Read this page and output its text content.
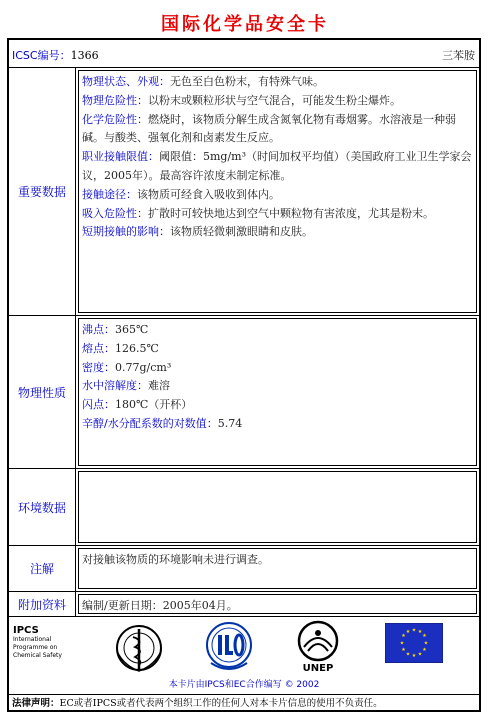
国际化学品安全卡
ICSC编号：1366	三苯胺
重要数据

物理状态、外观：无色至白色粉末，有特殊气味。

物理危险性：以粉末或颗粒形状与空气混合，可能发生粉尘爆炸。

化学危险性：燃烧时，该物质分解生成含氮氧化物有毒烟雾。水溶液是一种弱碱。与酸类、强氧化剂和卤素发生反应。

职业接触限值：阈限值：5mg/m³（时间加权平均值）（美国政府工业卫生学家会议，2005年）。最高容许浓度未制定标准。

接触途径：该物质可经食入吸收到体内。

吸入危险性：扩散时可较快地达到空气中颗粒物有害浓度，尤其是粉末。

短期接触的影响：该物质轻微刺激眼睛和皮肤。

物理性质

沸点：365℃

熔点：126.5℃

密度：0.77g/cm³

水中溶解度：难溶

闪点：180℃（开杯）

辛醇/水分配系数的对数值：5.74

环境数据
注解
对接触该物质的环境影响未进行调查。
附加资料	编制/更新日期：2005年04月。
IPCS
International
Programme on
Chemical Safety
UNEP
★ ★
★
★
★
★
★
★
★
★
★
★
本卡片由IPCS和EC合作编写 © 2002
法律声明：EC或者IPCS或者代表两个组织工作的任何人对本卡片信息的使用不负责任。
